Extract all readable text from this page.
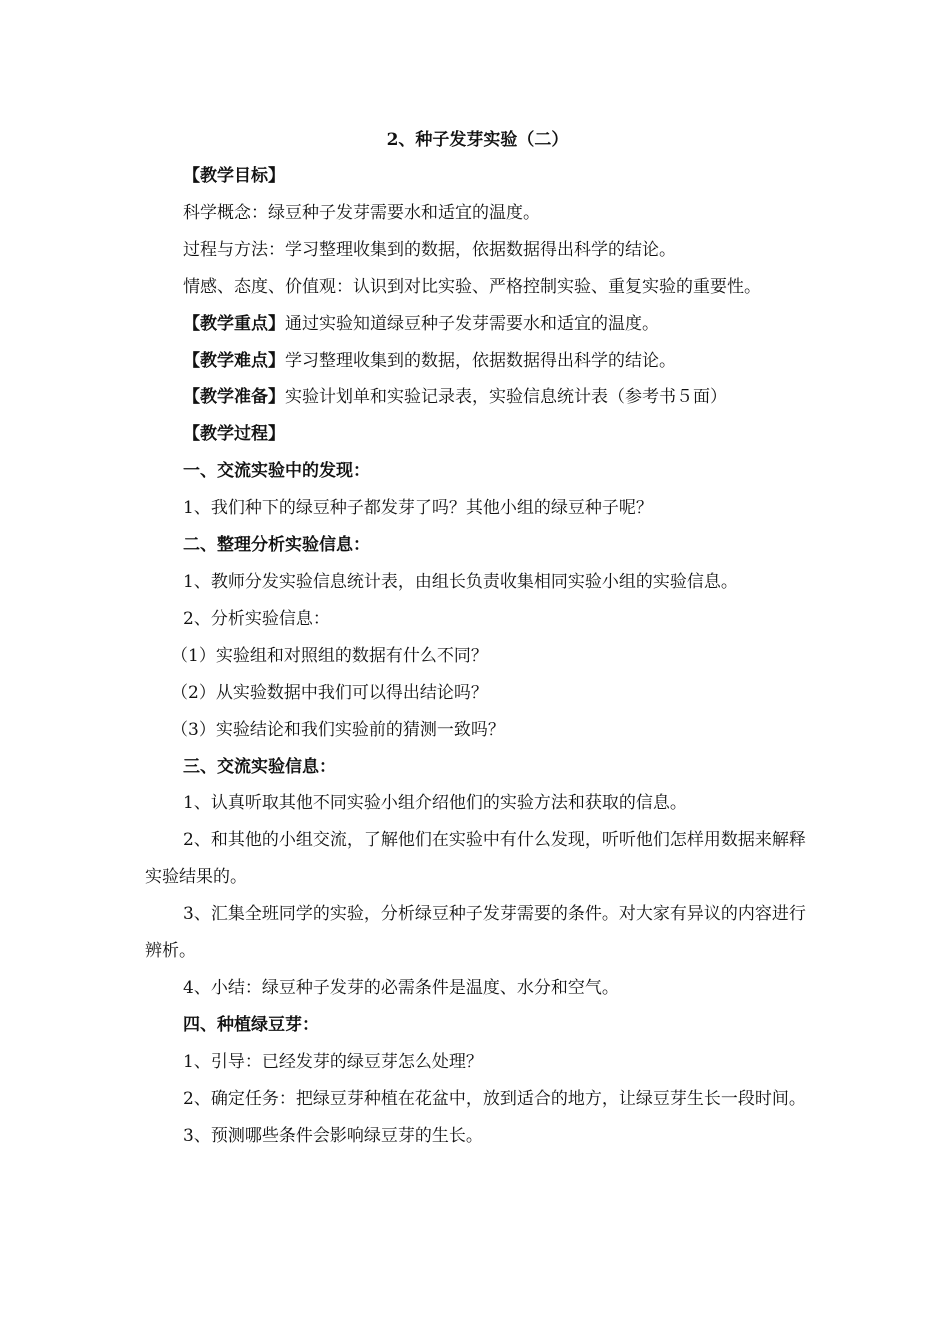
2、种子发芽实验（二）

【教学目标】

科学概念：绿豆种子发芽需要水和适宜的温度。

过程与方法：学习整理收集到的数据，依据数据得出科学的结论。

情感、态度、价值观：认识到对比实验、严格控制实验、重复实验的重要性。

【教学重点】通过实验知道绿豆种子发芽需要水和适宜的温度。

【教学难点】学习整理收集到的数据，依据数据得出科学的结论。

【教学准备】实验计划单和实验记录表，实验信息统计表（参考书５面）

【教学过程】

一、交流实验中的发现：

1、我们种下的绿豆种子都发芽了吗？其他小组的绿豆种子呢？

二、整理分析实验信息：

1、教师分发实验信息统计表，由组长负责收集相同实验小组的实验信息。

2、分析实验信息：

（1）实验组和对照组的数据有什么不同？

（2）从实验数据中我们可以得出结论吗？

（3）实验结论和我们实验前的猜测一致吗？

三、交流实验信息：

1、认真听取其他不同实验小组介绍他们的实验方法和获取的信息。

2、和其他的小组交流，了解他们在实验中有什么发现，听听他们怎样用数据来解释实验结果的。

3、汇集全班同学的实验，分析绿豆种子发芽需要的条件。对大家有异议的内容进行辨析。

4、小结：绿豆种子发芽的必需条件是温度、水分和空气。

四、种植绿豆芽：

1、引导：已经发芽的绿豆芽怎么处理？

2、确定任务：把绿豆芽种植在花盆中，放到适合的地方，让绿豆芽生长一段时间。

3、预测哪些条件会影响绿豆芽的生长。
